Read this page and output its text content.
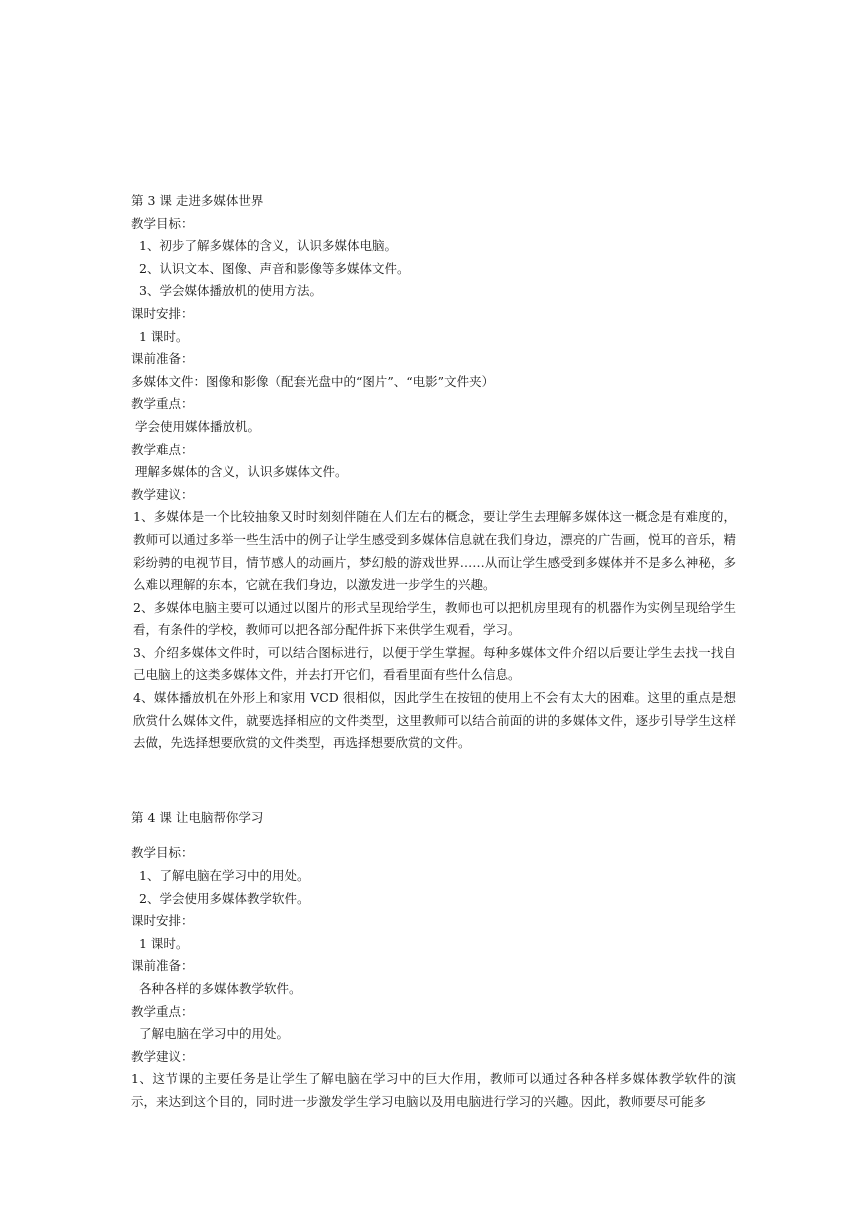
第 3 课 走进多媒体世界
教学目标：
1、初步了解多媒体的含义，认识多媒体电脑。
2、认识文本、图像、声音和影像等多媒体文件。
3、学会媒体播放机的使用方法。
课时安排：
1 课时。
课前准备：
多媒体文件：图像和影像（配套光盘中的“图片”、“电影”文件夹）
教学重点：
学会使用媒体播放机。
教学难点：
理解多媒体的含义，认识多媒体文件。
教学建议：
1、多媒体是一个比较抽象又时时刻刻伴随在人们左右的概念，要让学生去理解多媒体这一概念是有难度的，教师可以通过多举一些生活中的例子让学生感受到多媒体信息就在我们身边，漂亮的广告画，悦耳的音乐，精彩纷骋的电视节目，情节感人的动画片，梦幻般的游戏世界……从而让学生感受到多媒体并不是多么神秘，多么难以理解的东本，它就在我们身边，以激发进一步学生的兴趣。
2、多媒体电脑主要可以通过以图片的形式呈现给学生，教师也可以把机房里现有的机器作为实例呈现给学生看，有条件的学校，教师可以把各部分配件拆下来供学生观看，学习。
3、介绍多媒体文件时，可以结合图标进行，以便于学生掌握。每种多媒体文件介绍以后要让学生去找一找自己电脑上的这类多媒体文件，并去打开它们，看看里面有些什么信息。
4、媒体播放机在外形上和家用 VCD 很相似，因此学生在按钮的使用上不会有太大的困难。这里的重点是想欣赏什么媒体文件，就要选择相应的文件类型，这里教师可以结合前面的讲的多媒体文件，逐步引导学生这样去做，先选择想要欣赏的文件类型，再选择想要欣赏的文件。
第 4 课 让电脑帮你学习
教学目标：
1、了解电脑在学习中的用处。
2、学会使用多媒体教学软件。
课时安排：
1 课时。
课前准备：
各种各样的多媒体教学软件。
教学重点：
了解电脑在学习中的用处。
教学建议：
1、这节课的主要任务是让学生了解电脑在学习中的巨大作用，教师可以通过各种各样多媒体教学软件的演示，来达到这个目的，同时进一步激发学生学习电脑以及用电脑进行学习的兴趣。因此，教师要尽可能多
